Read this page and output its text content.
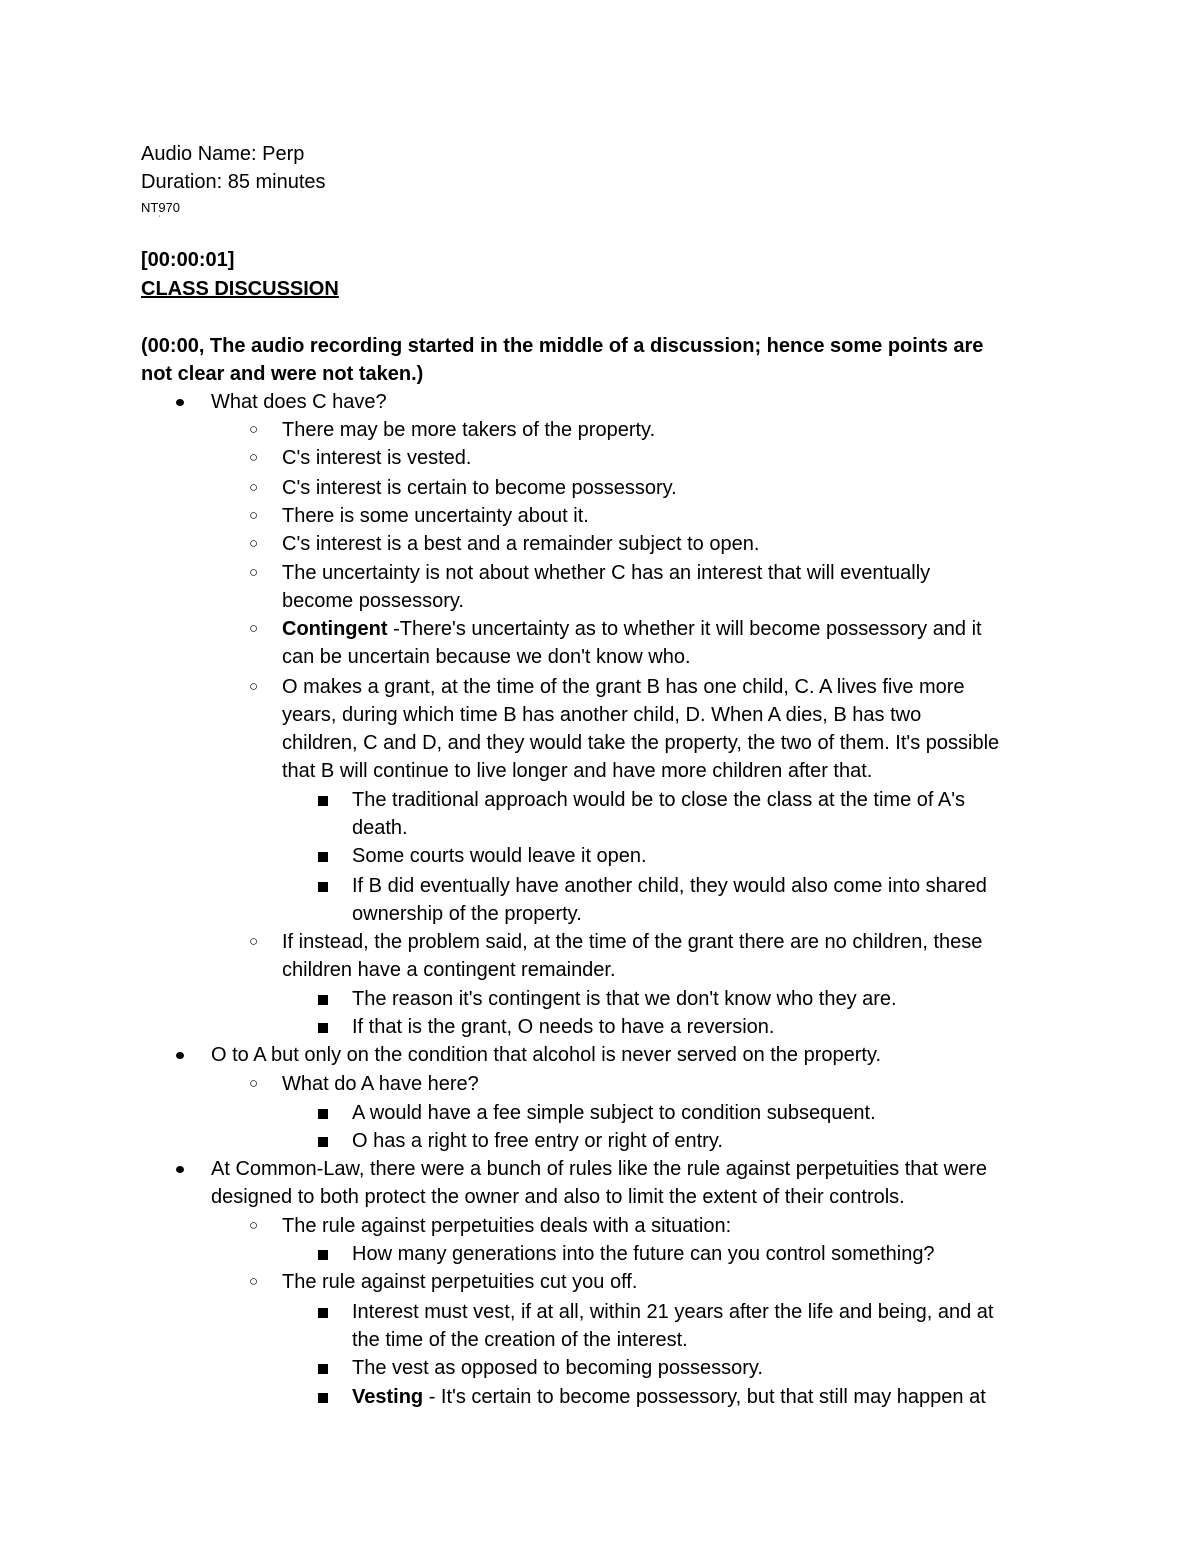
Audio Name: Perp
Duration: 85 minutes
NT970
ˈ
[00:00:01]
CLASS DISCUSSION
(00:00, The audio recording started in the middle of a discussion; hence some points are
not clear and were not taken.)
What does C have?
○ There may be more takers of the property.
○ C's interest is vested.
○ C's interest is certain to become possessory.
○ There is some uncertainty about it.
○ C's interest is a best and a remainder subject to open.
○ The uncertainty is not about whether C has an interest that will eventually
become possessory.
○ Contingent -There's uncertainty as to whether it will become possessory and it
can be uncertain because we don't know who.
○ O makes a grant, at the time of the grant B has one child, C. A lives five more
years, during which time B has another child, D. When A dies, B has two
children, C and D, and they would take the property, the two of them. It's possible
that B will continue to live longer and have more children after that.
The traditional approach would be to close the class at the time of A's
death.
Some courts would leave it open.
If B did eventually have another child, they would also come into shared
ownership of the property.
○ If instead, the problem said, at the time of the grant there are no children, these
children have a contingent remainder.
The reason it's contingent is that we don't know who they are.
If that is the grant, O needs to have a reversion.
O to A but only on the condition that alcohol is never served on the property.
○ What do A have here?
A would have a fee simple subject to condition subsequent.
O has a right to free entry or right of entry.
At Common-Law, there were a bunch of rules like the rule against perpetuities that were
designed to both protect the owner and also to limit the extent of their controls.
○ The rule against perpetuities deals with a situation:
How many generations into the future can you control something?
○ The rule against perpetuities cut you off.
Interest must vest, if at all, within 21 years after the life and being, and at
the time of the creation of the interest.
The vest as opposed to becoming possessory.
Vesting - It's certain to become possessory, but that still may happen at
